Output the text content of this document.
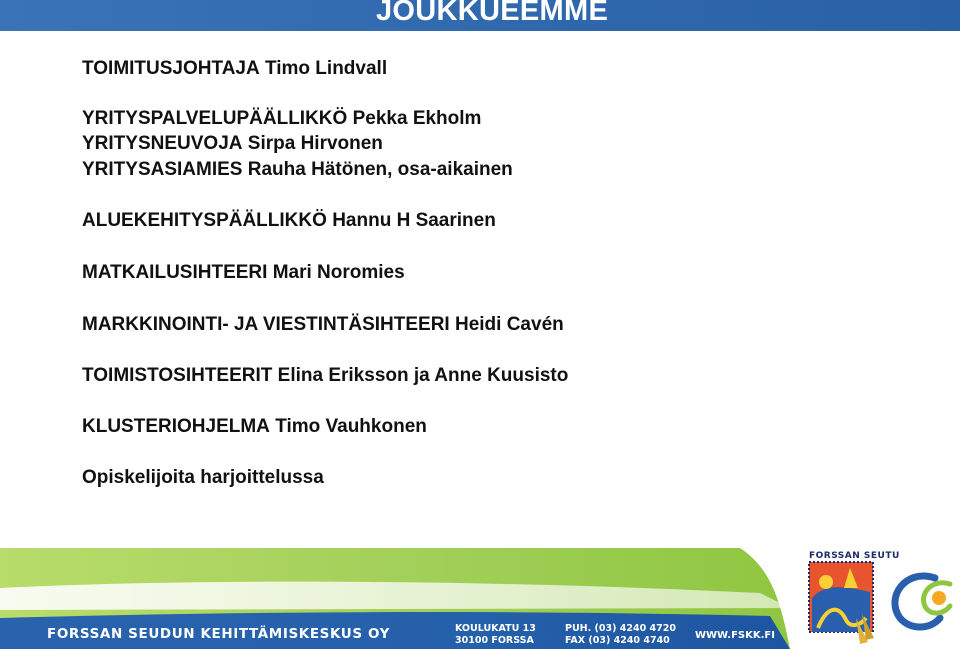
JOUKKUEEMME
TOIMITUSJOHTAJA Timo Lindvall
YRITYSPALVELUPÄÄLLIKKÖ Pekka Ekholm
YRITYSNEUVOJA Sirpa Hirvonen
YRITYSASIAMIES Rauha Hätönen, osa-aikainen
ALUEKEHITYSPÄÄLLIKKÖ Hannu H Saarinen
MATKAILUSIHTEERI Mari Noromies
MARKKINOINTI- JA VIESTINTÄSIHTEERI Heidi Cavén
TOIMISTOSIHTEERIT Elina Eriksson ja Anne Kuusisto
KLUSTERIOHJELMA Timo Vauhkonen
Opiskelijoita harjoittelussa
FORSSAN SEUTU
FORSSAN SEUDUN KEHITTÄMISKESKUS OY	KOULUKATU 13
30100 FORSSA
PUH. (03) 4240 4720
FAX (03) 4240 4740	WWW.FSKK.FI
